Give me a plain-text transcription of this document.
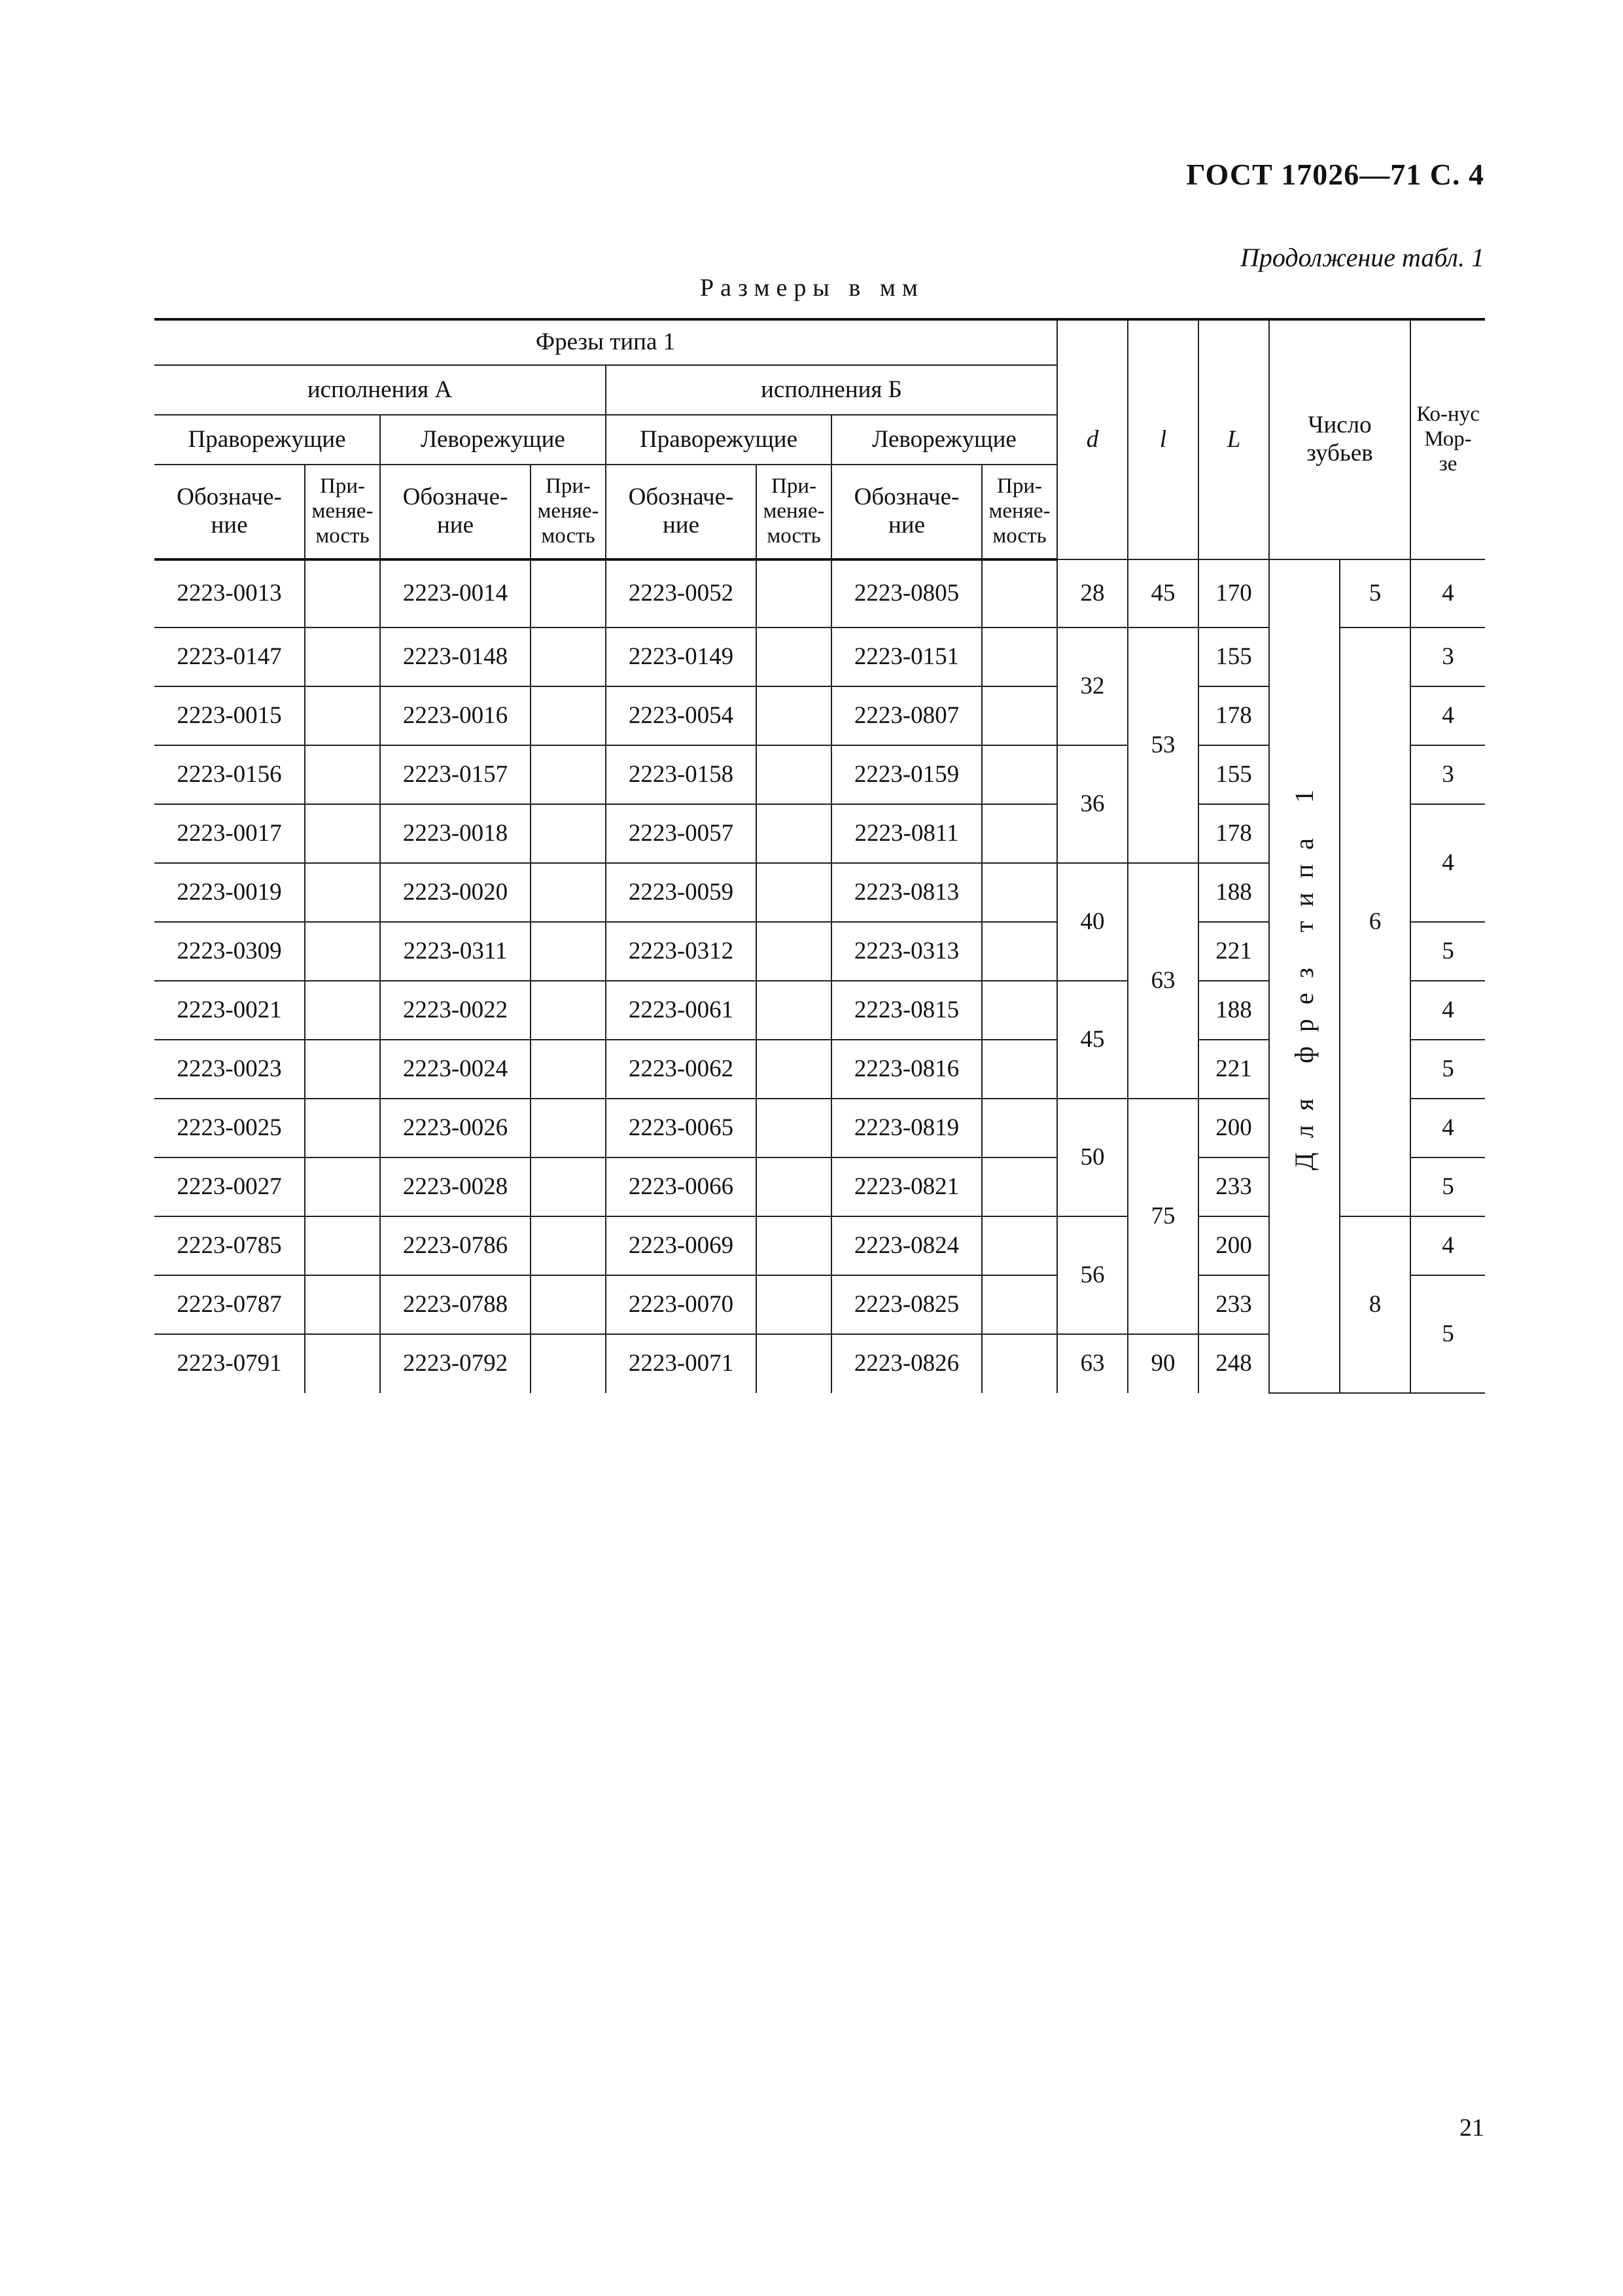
ГОСТ 17026—71 С. 4
Продолжение табл. 1
Размеры в мм
Фрезы типа 1								d	l	L	Число зубьев		Ко-нус Мор-зе
исполнения А				исполнения Б									
Праворежущие		Леворежущие		Праворежущие		Леворежущие							
Обозначе-ние	При-меняе-мость	Обозначе-ние	При-меняе-мость	Обозначе-ние	При-меняе-мость	Обозначе-ние	При-меняе-мость						
2223-0013		2223-0014		2223-0052		2223-0805		28	45	170	Для фрез типа 1	5	4
2223-0147		2223-0148		2223-0149		2223-0151		32	53	155		6	3
2223-0015		2223-0016		2223-0054		2223-0807				178			4
2223-0156		2223-0157		2223-0158		2223-0159		36		155			3
2223-0017		2223-0018		2223-0057		2223-0811				178			4
2223-0019		2223-0020		2223-0059		2223-0813		40	63	188			
2223-0309		2223-0311		2223-0312		2223-0313				221			5
2223-0021		2223-0022		2223-0061		2223-0815		45		188			4
2223-0023		2223-0024		2223-0062		2223-0816				221			5
2223-0025		2223-0026		2223-0065		2223-0819		50	75	200			4
2223-0027		2223-0028		2223-0066		2223-0821				233			5
2223-0785		2223-0786		2223-0069		2223-0824		56		200		8	4
2223-0787		2223-0788		2223-0070		2223-0825				233			5
2223-0791		2223-0792		2223-0071		2223-0826		63	90	248			
21
